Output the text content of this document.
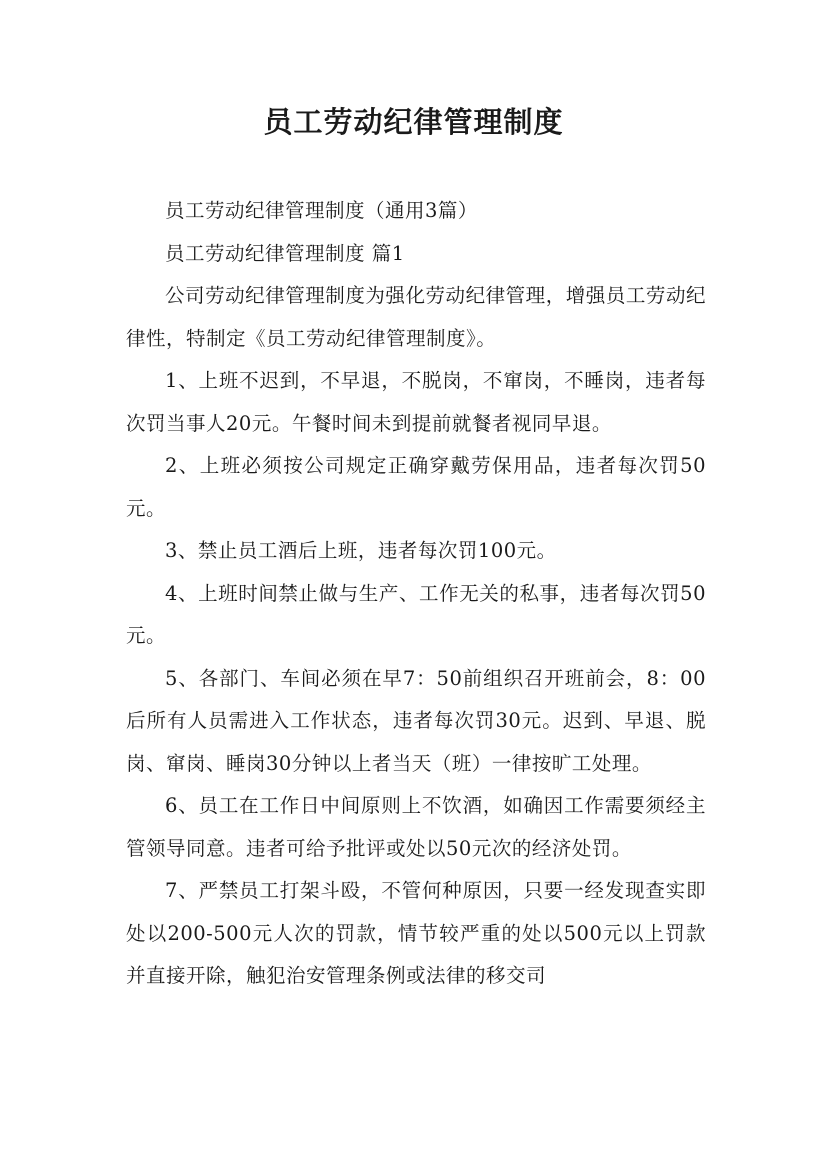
员工劳动纪律管理制度

员工劳动纪律管理制度（通用3篇）

员工劳动纪律管理制度 篇1

公司劳动纪律管理制度为强化劳动纪律管理，增强员工劳动纪律性，特制定《员工劳动纪律管理制度》。

1、上班不迟到，不早退，不脱岗，不窜岗，不睡岗，违者每次罚当事人20元。午餐时间未到提前就餐者视同早退。

2、上班必须按公司规定正确穿戴劳保用品，违者每次罚50元。

3、禁止员工酒后上班，违者每次罚100元。

4、上班时间禁止做与生产、工作无关的私事，违者每次罚50元。

5、各部门、车间必须在早7：50前组织召开班前会，8：00后所有人员需进入工作状态，违者每次罚30元。迟到、早退、脱岗、窜岗、睡岗30分钟以上者当天（班）一律按旷工处理。

6、员工在工作日中间原则上不饮酒，如确因工作需要须经主管领导同意。违者可给予批评或处以50元次的经济处罚。

7、严禁员工打架斗殴，不管何种原因，只要一经发现查实即处以200-500元人次的罚款，情节较严重的处以500元以上罚款并直接开除，触犯治安管理条例或法律的移交司
